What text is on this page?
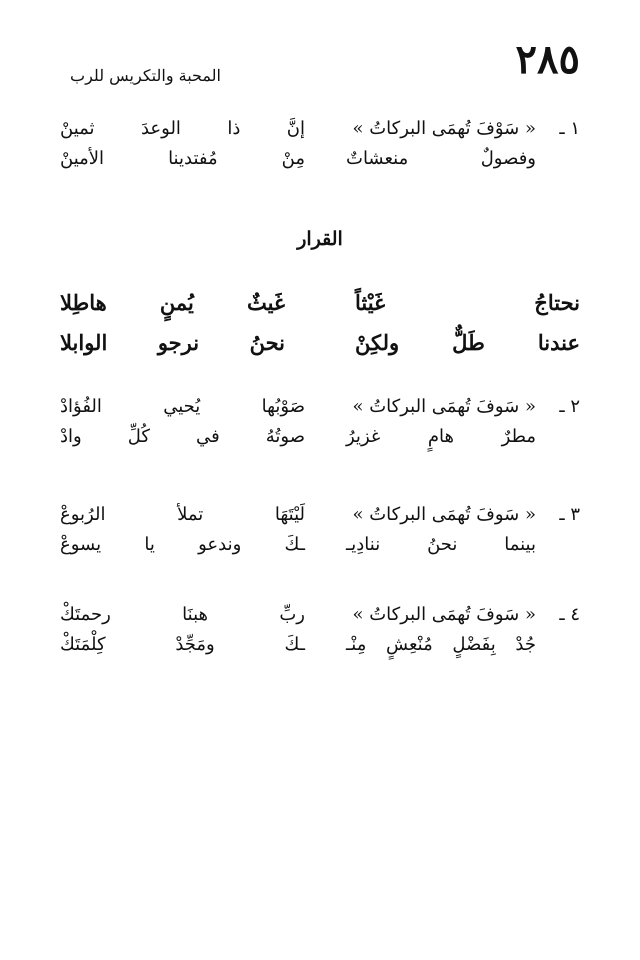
٢٨٥
المحبة والتكريس للرب
١ ـ
« سَوْفَ تُهمَى البركاتُ »
إنَّ ذا الوعدَ ثمينْ
وفصولٌ منعشاتٌ
مِنْ مُفتدينا الأمينْ
القرار
نحتاجُ غَيْثاً
غَيثٌ يُمنٍ هاطِلا
عندنا طَلٌّ ولكِنْ
نحنُ نرجو الوابلا
٢ ـ
« سَوفَ تُهمَى البركاتُ »
صَوْبُها يُحيي الفُؤادْ
مطرٌ هامٍ غزيرُ
صوتُهُ في كُلِّ وادْ
٣ ـ
« سَوفَ تُهمَى البركاتُ »
لَيْتَهَا تملأ الرُبوعْ
بينما نحنُ ننادِيـ
ـكَ وندعو يا يسوعْ
٤ ـ
« سَوفَ تُهمَى البركاتُ »
ربِّ هبنَا رحمتَكْ
جُدْ بِفَضْلٍ مُنْعِشٍ مِنْـ
ـكَ ومَجِّدْ كِلْمَتَكْ
